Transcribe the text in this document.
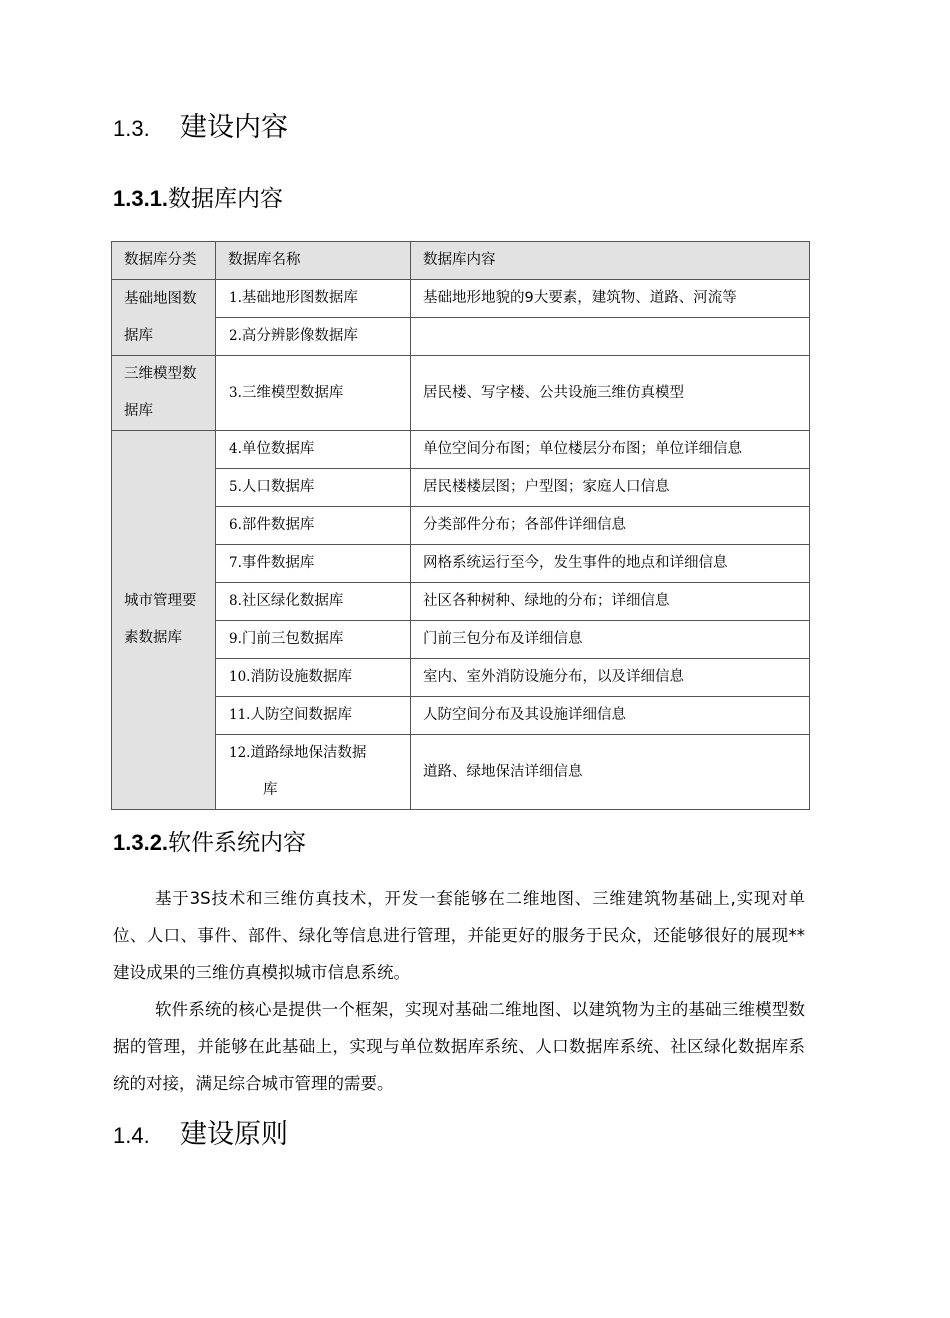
1.3. 建设内容
1.3.1.数据库内容
数据库分类	数据库名称	数据库内容

基础地图数
据库	1.基础地形图数据库	基础地形地貌的9大要素，建筑物、道路、河流等
	2.高分辨影像数据库	

三维模型数
据库	3.三维模型数据库	居民楼、写字楼、公共设施三维仿真模型

城市管理要
素数据库	4.单位数据库	单位空间分布图；单位楼层分布图；单位详细信息
	5.人口数据库	居民楼楼层图；户型图；家庭人口信息
	6.部件数据库	分类部件分布；各部件详细信息
	7.事件数据库	网格系统运行至今，发生事件的地点和详细信息
	8.社区绿化数据库	社区各种树种、绿地的分布；详细信息
	9.门前三包数据库	门前三包分布及详细信息
	10.消防设施数据库	室内、室外消防设施分布，以及详细信息
	11.人防空间数据库	人防空间分布及其设施详细信息

	12.道路绿地保洁数据
库	道路、绿地保洁详细信息
1.3.2.软件系统内容

基于3S技术和三维仿真技术，开发一套能够在二维地图、三维建筑物基础上,实现对单位、人口、事件、部件、绿化等信息进行管理，并能更好的服务于民众，还能够很好的展现**建设成果的三维仿真模拟城市信息系统。

软件系统的核心是提供一个框架，实现对基础二维地图、以建筑物为主的基础三维模型数据的管理，并能够在此基础上，实现与单位数据库系统、人口数据库系统、社区绿化数据库系统的对接，满足综合城市管理的需要。

1.4. 建设原则
